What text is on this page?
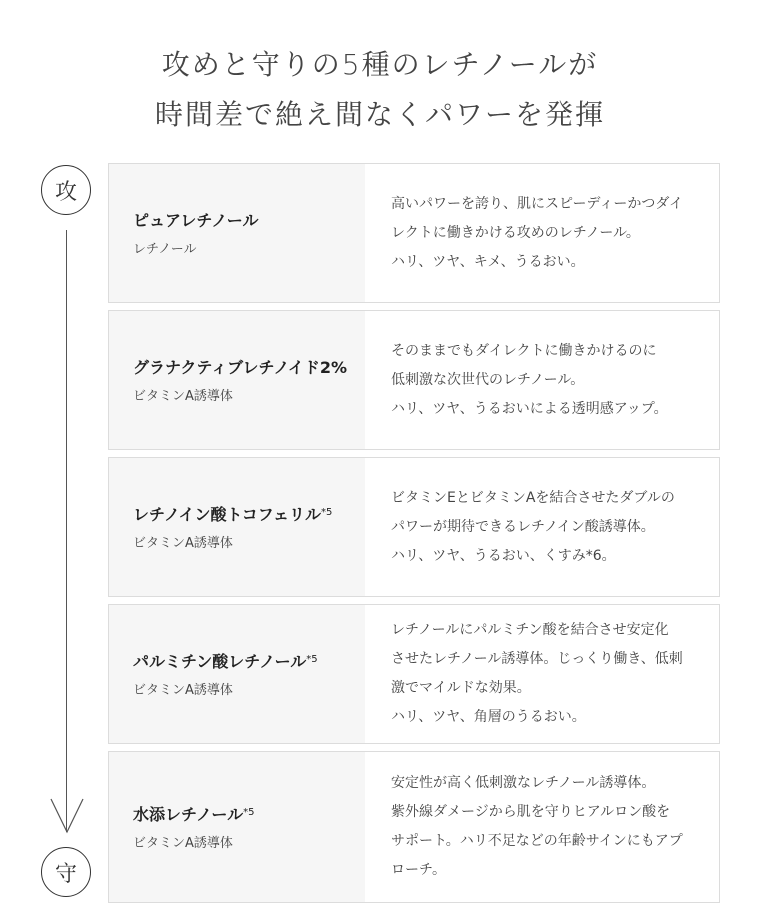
攻めと守りの5種のレチノールが
時間差で絶え間なくパワーを発揮
攻
守
ピュアレチノール
レチノール
高いパワーを誇り、肌にスピーディーかつダイ
レクトに働きかける攻めのレチノール。
ハリ、ツヤ、キメ、うるおい。
グラナクティブレチノイド2%
ビタミンA誘導体
そのままでもダイレクトに働きかけるのに
低刺激な次世代のレチノール。
ハリ、ツヤ、うるおいによる透明感アップ。
レチノイン酸トコフェリル$^{*5}$
ビタミンA誘導体
ビタミンEとビタミンAを結合させたダブルの
パワーが期待できるレチノイン酸誘導体。
ハリ、ツヤ、うるおい、くすみ*6。
パルミチン酸レチノール$^{*5}$
ビタミンA誘導体
レチノールにパルミチン酸を結合させ安定化
させたレチノール誘導体。じっくり働き、低刺
激でマイルドな効果。
ハリ、ツヤ、角層のうるおい。
水添レチノール$^{*5}$
ビタミンA誘導体
安定性が高く低刺激なレチノール誘導体。
紫外線ダメージから肌を守りヒアルロン酸を
サポート。ハリ不足などの年齢サインにもアプ
ローチ。
